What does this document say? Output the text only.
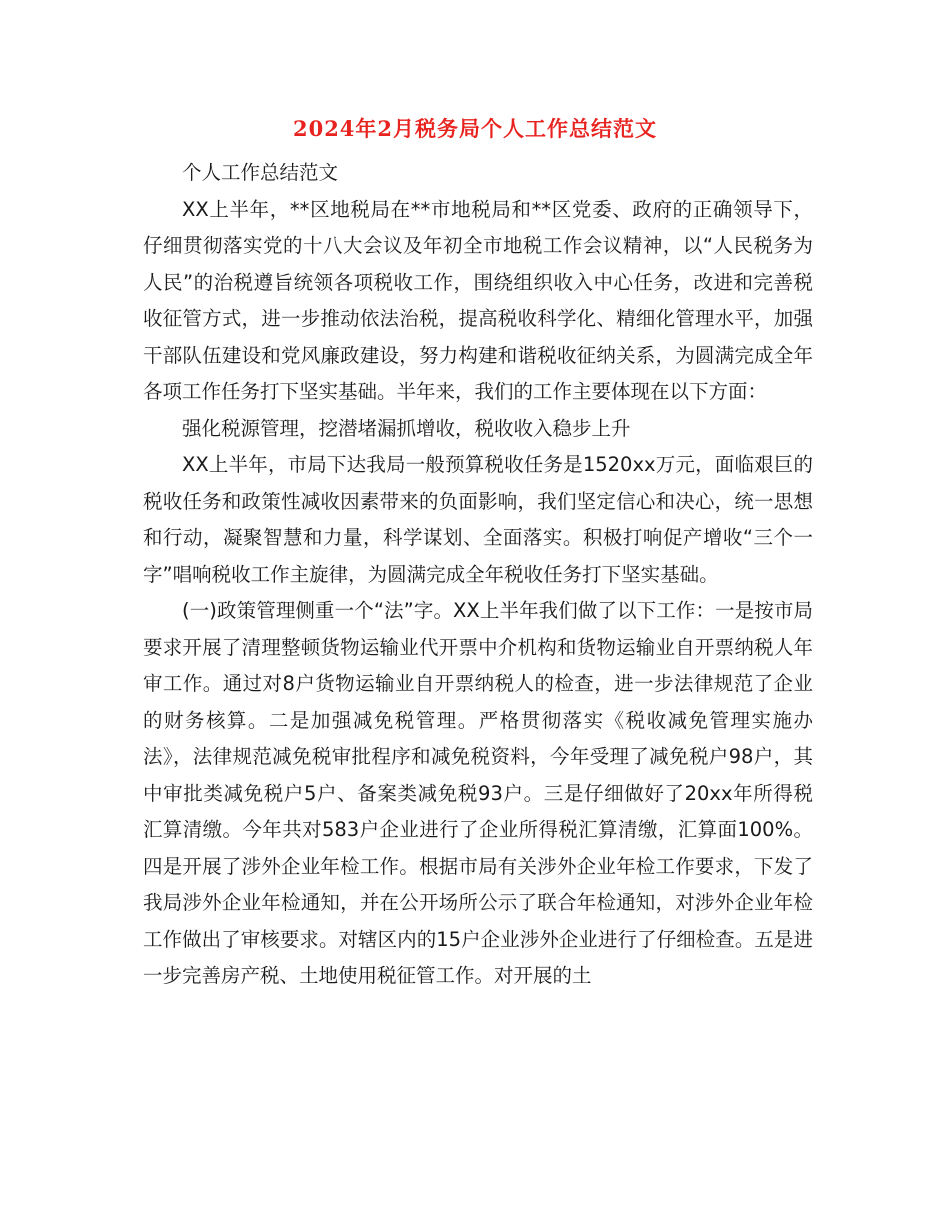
2024年2月税务局个人工作总结范文

个人工作总结范文

XX上半年，**区地税局在**市地税局和**区党委、政府的正确领导下，仔细贯彻落实党的十八大会议及年初全市地税工作会议精神，以“人民税务为人民”的治税遵旨统领各项税收工作，围绕组织收入中心任务，改进和完善税收征管方式，进一步推动依法治税，提高税收科学化、精细化管理水平，加强干部队伍建设和党风廉政建设，努力构建和谐税收征纳关系，为圆满完成全年各项工作任务打下坚实基础。半年来，我们的工作主要体现在以下方面：

强化税源管理，挖潜堵漏抓增收，税收收入稳步上升

XX上半年，市局下达我局一般预算税收任务是1520xx万元，面临艰巨的税收任务和政策性减收因素带来的负面影响，我们坚定信心和决心，统一思想和行动，凝聚智慧和力量，科学谋划、全面落实。积极打响促产增收“三个一字”唱响税收工作主旋律，为圆满完成全年税收任务打下坚实基础。

(一)政策管理侧重一个“法”字。XX上半年我们做了以下工作：一是按市局要求开展了清理整顿货物运输业代开票中介机构和货物运输业自开票纳税人年审工作。通过对8户货物运输业自开票纳税人的检查，进一步法律规范了企业的财务核算。二是加强减免税管理。严格贯彻落实《税收减免管理实施办法》，法律规范减免税审批程序和减免税资料，今年受理了减免税户98户，其中审批类减免税户5户、备案类减免税93户。三是仔细做好了20xx年所得税汇算清缴。今年共对583户企业进行了企业所得税汇算清缴，汇算面100%。四是开展了涉外企业年检工作。根据市局有关涉外企业年检工作要求，下发了我局涉外企业年检通知，并在公开场所公示了联合年检通知，对涉外企业年检工作做出了审核要求。对辖区内的15户企业涉外企业进行了仔细检查。五是进一步完善房产税、土地使用税征管工作。对开展的土
